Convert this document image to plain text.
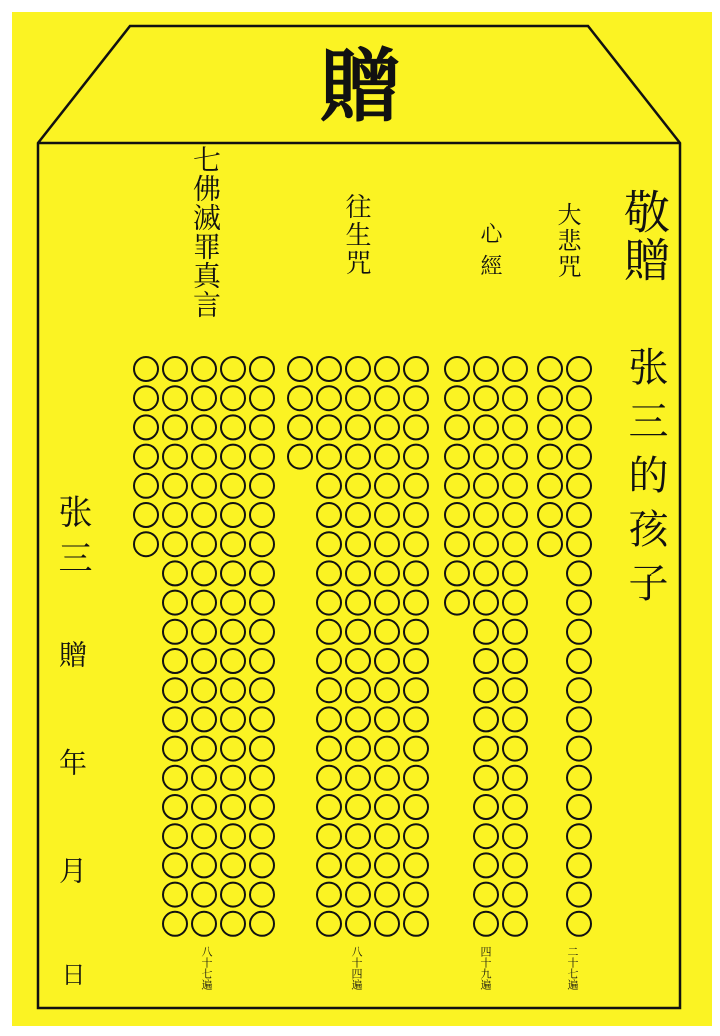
贈
敬贈
张三的孩子
大悲咒
心經
往生咒
七佛滅罪真言
二十七遍
四十九遍
八十四遍
八十七遍
张三
贈
年
月
日
